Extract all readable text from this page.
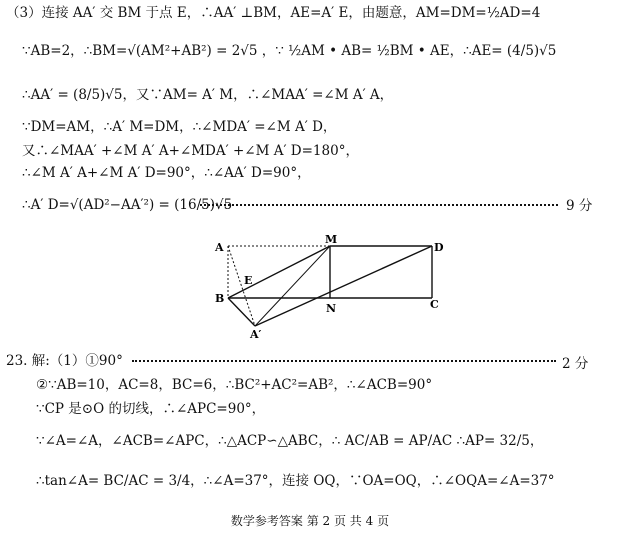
（3）连接 AA′ 交 BM 于点 E，∴AA′ ⊥BM，AE=A′ E，由题意，AM=DM=½AD=4
∵AB=2，∴BM=√(AM²+AB²) = 2√5 ，∵ ½AM • AB= ½BM • AE，∴AE= (4/5)√5
∴AA′ = (8/5)√5，又∵AM= A′ M，∴∠MAA′ =∠M A′ A，
∵DM=AM，∴A′ M=DM，∴∠MDA′ =∠M A′ D，
又∴∠MAA′ +∠M A′ A+∠MDA′ +∠M A′ D=180°，
∴∠M A′ A+∠M A′ D=90°，∴∠AA′ D=90°，
∴A′ D=√(AD²−AA′²) = (16/5)√5	9 分
A
M
D
B
E
N	C
A′
23. 解:（1）①90°	2 分
②∵AB=10，AC=8，BC=6，∴BC²+AC²=AB²，∴∠ACB=90°
∵CP 是⊙O 的切线，∴∠APC=90°，
∵∠A=∠A，∠ACB=∠APC，∴△ACP∽△ABC，∴ AC/AB = AP/AC ∴AP= 32/5，
∴tan∠A= BC/AC = 3/4，∴∠A=37°，连接 OQ，∵OA=OQ，∴∠OQA=∠A=37°
数学参考答案 第 2 页 共 4 页
